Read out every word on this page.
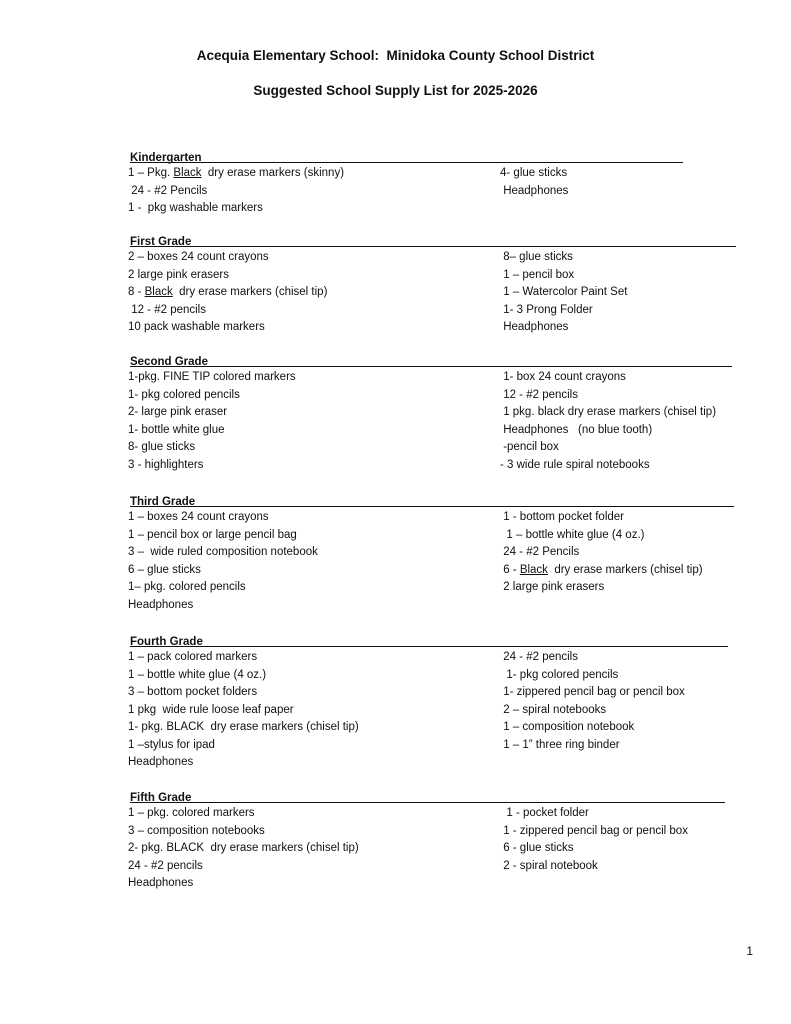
Acequia Elementary School:  Minidoka County School District
Suggested School Supply List for 2025-2026
Kindergarten
1 – Pkg. Black  dry erase markers (skinny)
24 - #2 Pencils
1 -  pkg washable markers
4- glue sticks
Headphones
First Grade
2 – boxes 24 count crayons
2 large pink erasers
8 - Black  dry erase markers (chisel tip)
12 - #2 pencils
10 pack washable markers
8– glue sticks
1 – pencil box
1 – Watercolor Paint Set
1- 3 Prong Folder
Headphones
Second Grade
1-pkg. FINE TIP colored markers
1- pkg colored pencils
2- large pink eraser
1- bottle white glue
8- glue sticks
3 - highlighters
1- box 24 count crayons
12 - #2 pencils
1 pkg. black dry erase markers (chisel tip)
Headphones   (no blue tooth)
-pencil box
- 3 wide rule spiral notebooks
Third Grade
1 – boxes 24 count crayons
1 – pencil box or large pencil bag
3 –  wide ruled composition notebook
6 – glue sticks
1– pkg. colored pencils
Headphones
1 - bottom pocket folder
1 – bottle white glue (4 oz.)
24 - #2 Pencils
6 - Black  dry erase markers (chisel tip)
2 large pink erasers
Fourth Grade
1 – pack colored markers
1 – bottle white glue (4 oz.)
3 – bottom pocket folders
1 pkg  wide rule loose leaf paper
1- pkg. BLACK  dry erase markers (chisel tip)
1 –stylus for ipad
Headphones
24 - #2 pencils
1- pkg colored pencils
1- zippered pencil bag or pencil box
2 – spiral notebooks
1 – composition notebook
1 – 1” three ring binder
Fifth Grade
1 – pkg. colored markers
3 – composition notebooks
2- pkg. BLACK  dry erase markers (chisel tip)
24 - #2 pencils
Headphones
1 - pocket folder
1 - zippered pencil bag or pencil box
6 - glue sticks
2 - spiral notebook
1
